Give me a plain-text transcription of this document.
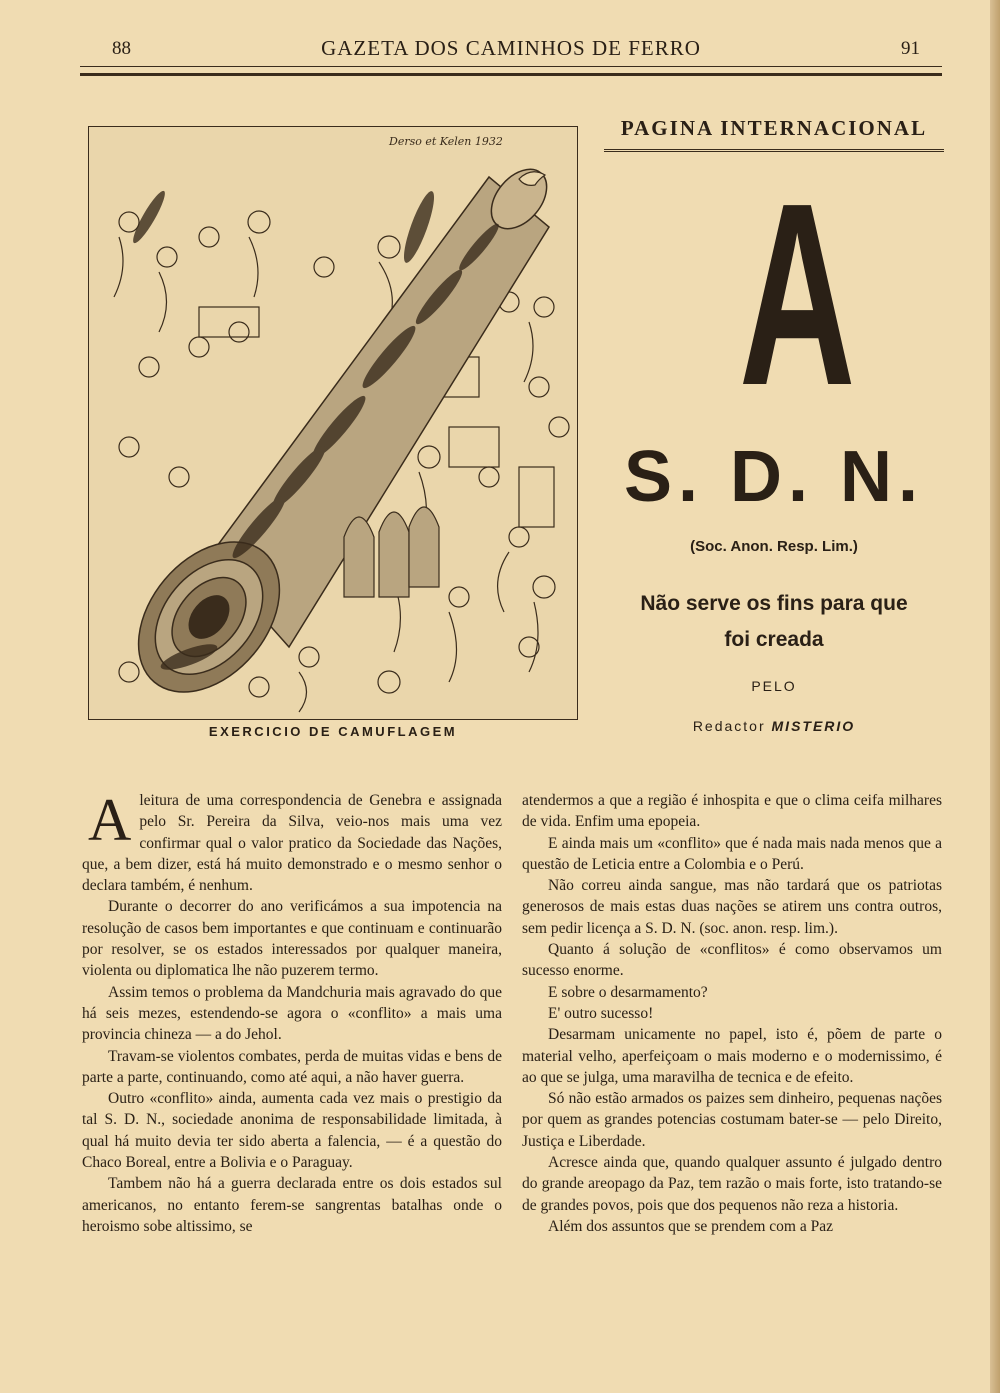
88	GAZETA DOS CAMINHOS DE FERRO	91
Derso et Kelen 1932
EXERCICIO DE CAMUFLAGEM
PAGINA INTERNACIONAL
A
S. D. N.
(Soc. Anon. Resp. Lim.)
Não serve os fins para que
foi creada
PELO
Redactor MISTERIO

Aleitura de uma correspondencia de Genebra e assignada pelo Sr. Pereira da Silva, veio-nos mais uma vez confirmar qual o valor pratico da Sociedade das Nações, que, a bem dizer, está há muito demonstrado e o mesmo senhor o declara também, é nenhum.

Durante o decorrer do ano verificámos a sua impotencia na resolução de casos bem importantes e que continuam e continuarão por resolver, se os estados interessados por qualquer maneira, violenta ou diplomatica lhe não puzerem termo.

Assim temos o problema da Mandchuria mais agravado do que há seis mezes, estendendo-se agora o «conflito» a mais uma provincia chineza — a do Jehol.

Travam-se violentos combates, perda de muitas vidas e bens de parte a parte, continuando, como até aqui, a não haver guerra.

Outro «conflito» ainda, aumenta cada vez mais o prestigio da tal S. D. N., sociedade anonima de responsabilidade limitada, à qual há muito devia ter sido aberta a falencia, — é a questão do Chaco Boreal, entre a Bolivia e o Paraguay.

Tambem não há a guerra declarada entre os dois estados sul americanos, no entanto ferem-se sangrentas batalhas onde o heroismo sobe altissimo, se

atendermos a que a região é inhospita e que o clima ceifa milhares de vida. Enfim uma epopeia.

E ainda mais um «conflito» que é nada mais nada menos que a questão de Leticia entre a Colombia e o Perú.

Não correu ainda sangue, mas não tardará que os patriotas generosos de mais estas duas nações se atirem uns contra outros, sem pedir licença a S. D. N. (soc. anon. resp. lim.).

Quanto á solução de «conflitos» é como observamos um sucesso enorme.

E sobre o desarmamento?

E' outro sucesso!

Desarmam unicamente no papel, isto é, põem de parte o material velho, aperfeiçoam o mais moderno e o modernissimo, é ao que se julga, uma maravilha de tecnica e de efeito.

Só não estão armados os paizes sem dinheiro, pequenas nações por quem as grandes potencias costumam bater-se — pelo Direito, Justiça e Liberdade.

Acresce ainda que, quando qualquer assunto é julgado dentro do grande areopago da Paz, tem razão o mais forte, isto tratando-se de grandes povos, pois que dos pequenos não reza a historia.

Além dos assuntos que se prendem com a Paz
